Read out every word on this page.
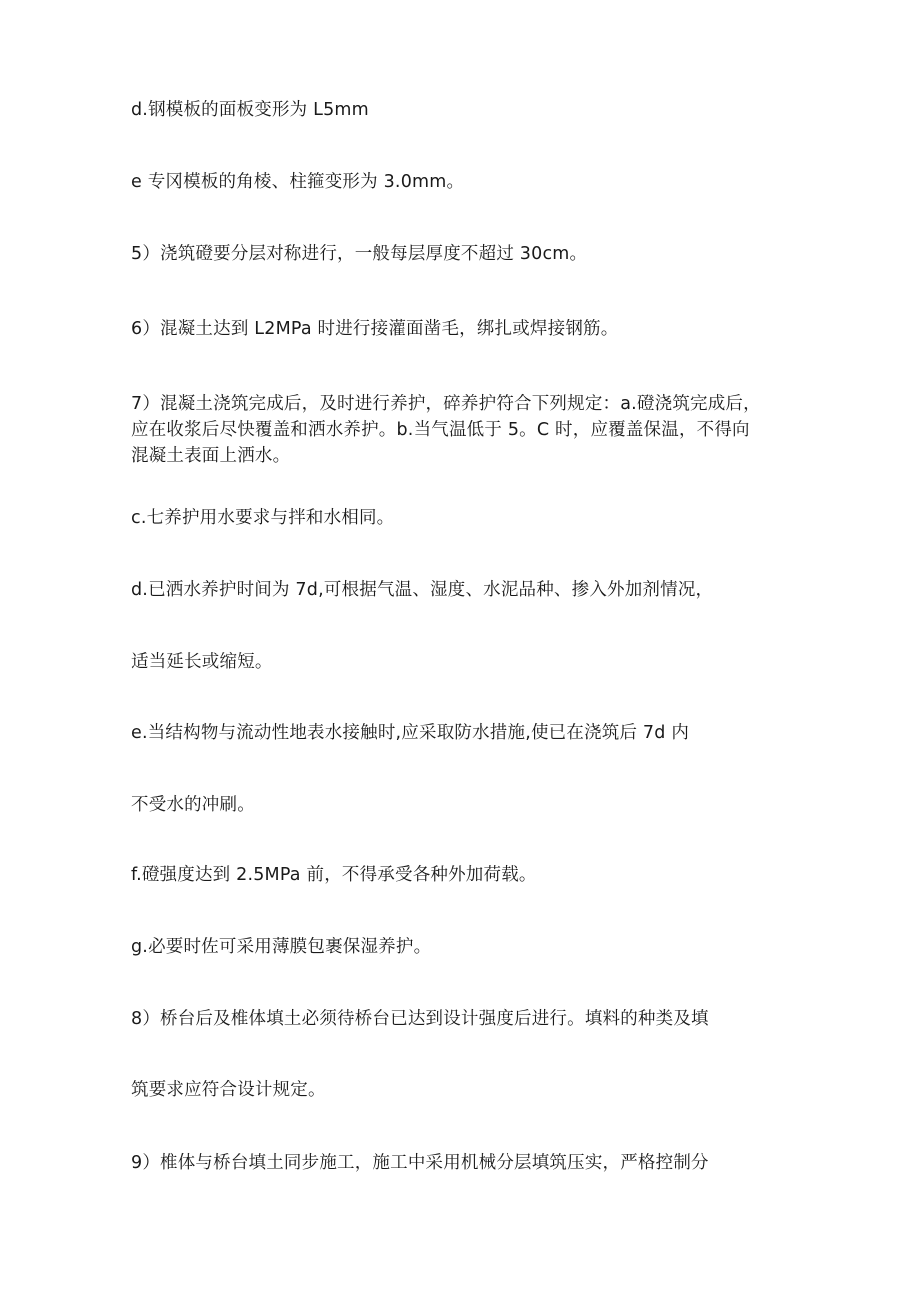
d.钢模板的面板变形为 L5mm
e 专冈模板的角棱、柱箍变形为 3.0mm。
5）浇筑磴要分层对称进行，一般每层厚度不超过 30cm。
6）混凝土达到 L2MPa 时进行接灌面凿毛，绑扎或焊接钢筋。
7）混凝土浇筑完成后，及时进行养护，碎养护符合下列规定：a.磴浇筑完成后，
应在收浆后尽快覆盖和洒水养护。b.当气温低于 5。C 时，应覆盖保温，不得向
混凝土表面上洒水。
c.七养护用水要求与拌和水相同。
d.已洒水养护时间为 7d,可根据气温、湿度、水泥品种、掺入外加剂情况，
适当延长或缩短。
e.当结构物与流动性地表水接触时,应采取防水措施,使已在浇筑后 7d 内
不受水的冲刷。
f.磴强度达到 2.5MPa 前，不得承受各种外加荷载。
g.必要时佐可采用薄膜包裹保湿养护。
8）桥台后及椎体填土必须待桥台已达到设计强度后进行。填料的种类及填
筑要求应符合设计规定。
9）椎体与桥台填土同步施工，施工中采用机械分层填筑压实，严格控制分
